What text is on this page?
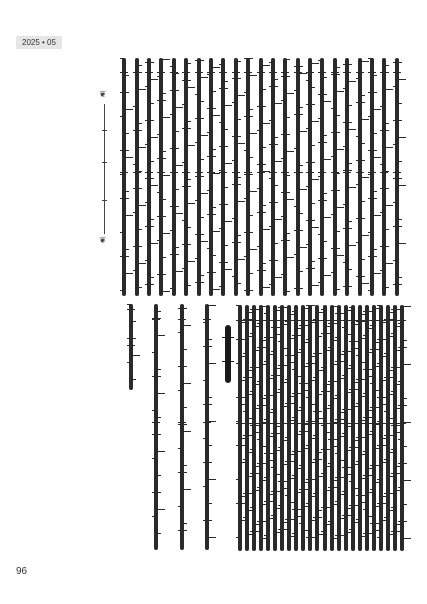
2025 • 05
❦
❦
96
